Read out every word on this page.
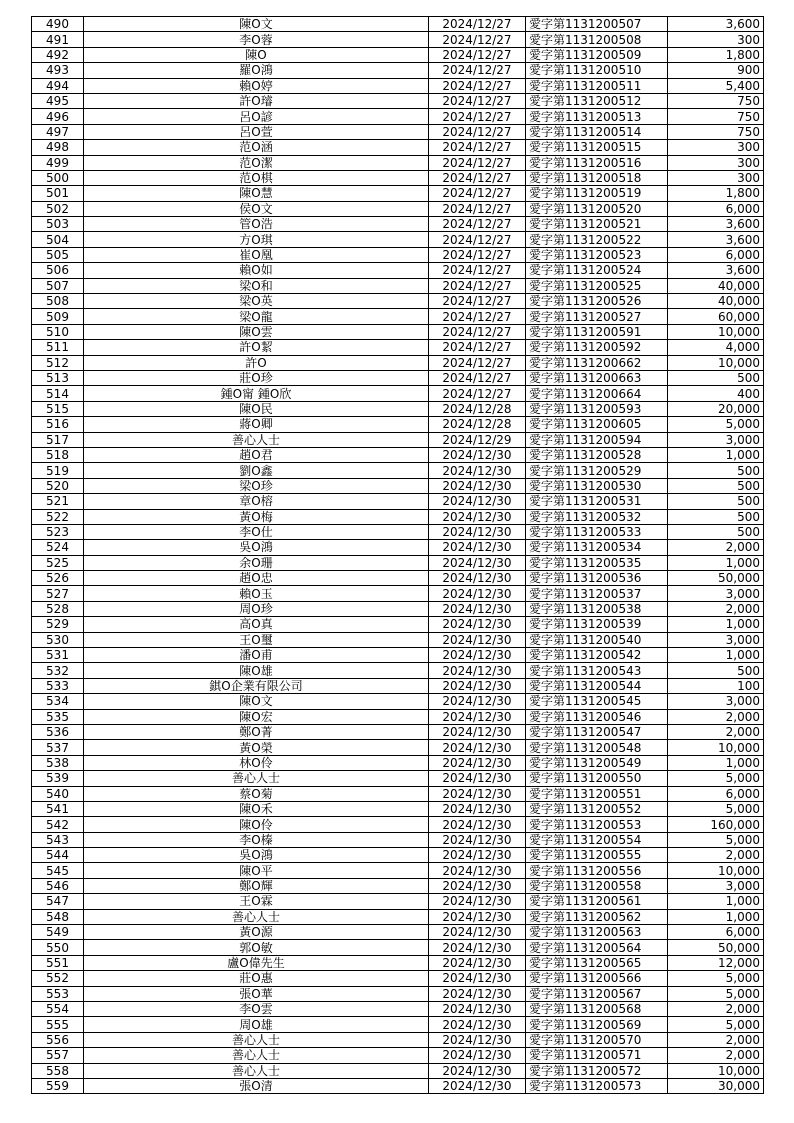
490	陳O文	2024/12/27	愛字第1131200507	3,600
491	李O蓉	2024/12/27	愛字第1131200508	300
492	陳O	2024/12/27	愛字第1131200509	1,800
493	羅O鴻	2024/12/27	愛字第1131200510	900
494	賴O婷	2024/12/27	愛字第1131200511	5,400
495	許O璿	2024/12/27	愛字第1131200512	750
496	呂O諺	2024/12/27	愛字第1131200513	750
497	呂O萱	2024/12/27	愛字第1131200514	750
498	范O涵	2024/12/27	愛字第1131200515	300
499	范O潔	2024/12/27	愛字第1131200516	300
500	范O棋	2024/12/27	愛字第1131200518	300
501	陳O慧	2024/12/27	愛字第1131200519	1,800
502	侯O文	2024/12/27	愛字第1131200520	6,000
503	管O浩	2024/12/27	愛字第1131200521	3,600
504	方O琪	2024/12/27	愛字第1131200522	3,600
505	崔O凰	2024/12/27	愛字第1131200523	6,000
506	賴O如	2024/12/27	愛字第1131200524	3,600
507	梁O和	2024/12/27	愛字第1131200525	40,000
508	梁O英	2024/12/27	愛字第1131200526	40,000
509	梁O龍	2024/12/27	愛字第1131200527	60,000
510	陳O雲	2024/12/27	愛字第1131200591	10,000
511	許O絜	2024/12/27	愛字第1131200592	4,000
512	許O	2024/12/27	愛字第1131200662	10,000
513	莊O珍	2024/12/27	愛字第1131200663	500
514	鍾O甯 鍾O欣	2024/12/27	愛字第1131200664	400
515	陳O民	2024/12/28	愛字第1131200593	20,000
516	蔣O卿	2024/12/28	愛字第1131200605	5,000
517	善心人士	2024/12/29	愛字第1131200594	3,000
518	趙O君	2024/12/30	愛字第1131200528	1,000
519	劉O鑫	2024/12/30	愛字第1131200529	500
520	梁O珍	2024/12/30	愛字第1131200530	500
521	章O榕	2024/12/30	愛字第1131200531	500
522	黃O梅	2024/12/30	愛字第1131200532	500
523	李O仕	2024/12/30	愛字第1131200533	500
524	吳O鴻	2024/12/30	愛字第1131200534	2,000
525	余O珊	2024/12/30	愛字第1131200535	1,000
526	趙O忠	2024/12/30	愛字第1131200536	50,000
527	賴O玉	2024/12/30	愛字第1131200537	3,000
528	周O珍	2024/12/30	愛字第1131200538	2,000
529	高O真	2024/12/30	愛字第1131200539	1,000
530	王O璽	2024/12/30	愛字第1131200540	3,000
531	潘O甫	2024/12/30	愛字第1131200542	1,000
532	陳O雄	2024/12/30	愛字第1131200543	500
533	錤O企業有限公司	2024/12/30	愛字第1131200544	100
534	陳O文	2024/12/30	愛字第1131200545	3,000
535	陳O宏	2024/12/30	愛字第1131200546	2,000
536	鄭O菁	2024/12/30	愛字第1131200547	2,000
537	黃O榮	2024/12/30	愛字第1131200548	10,000
538	林O伶	2024/12/30	愛字第1131200549	1,000
539	善心人士	2024/12/30	愛字第1131200550	5,000
540	蔡O菊	2024/12/30	愛字第1131200551	6,000
541	陳O禾	2024/12/30	愛字第1131200552	5,000
542	陳O伶	2024/12/30	愛字第1131200553	160,000
543	李O榛	2024/12/30	愛字第1131200554	5,000
544	吳O鴻	2024/12/30	愛字第1131200555	2,000
545	陳O平	2024/12/30	愛字第1131200556	10,000
546	鄭O輝	2024/12/30	愛字第1131200558	3,000
547	王O霖	2024/12/30	愛字第1131200561	1,000
548	善心人士	2024/12/30	愛字第1131200562	1,000
549	黃O源	2024/12/30	愛字第1131200563	6,000
550	郭O敏	2024/12/30	愛字第1131200564	50,000
551	盧O偉先生	2024/12/30	愛字第1131200565	12,000
552	莊O惠	2024/12/30	愛字第1131200566	5,000
553	張O華	2024/12/30	愛字第1131200567	5,000
554	李O雲	2024/12/30	愛字第1131200568	2,000
555	周O雄	2024/12/30	愛字第1131200569	5,000
556	善心人士	2024/12/30	愛字第1131200570	2,000
557	善心人士	2024/12/30	愛字第1131200571	2,000
558	善心人士	2024/12/30	愛字第1131200572	10,000
559	張O清	2024/12/30	愛字第1131200573	30,000
